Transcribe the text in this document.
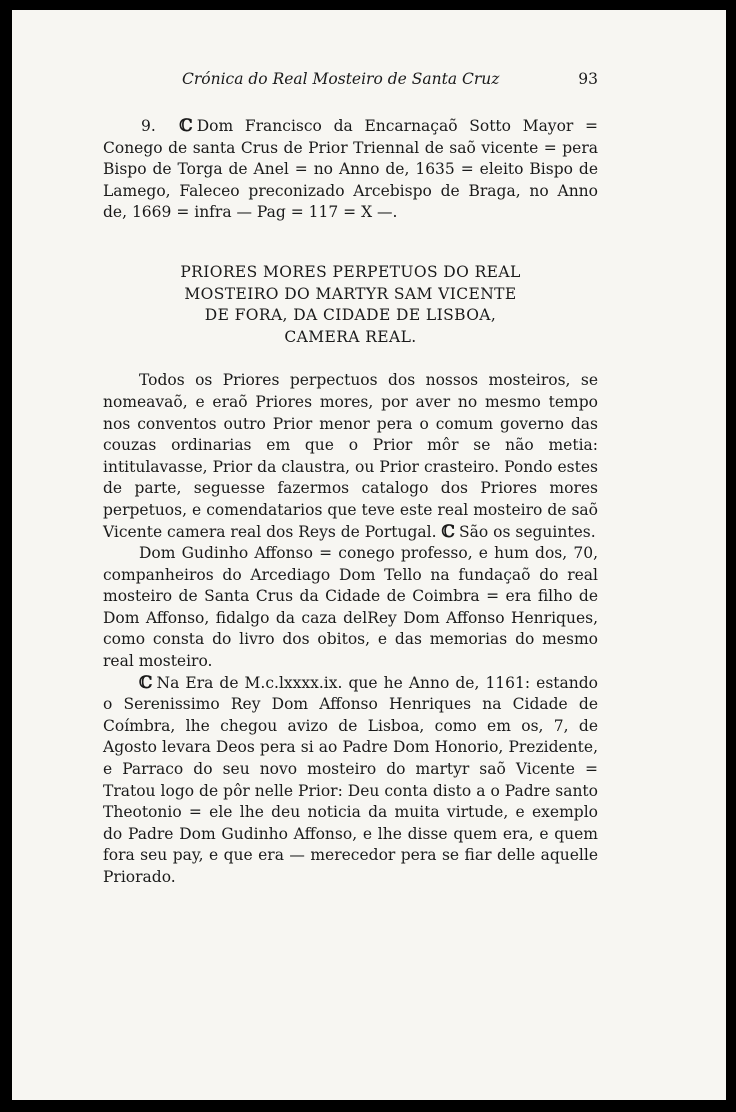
Crónica do Real Mosteiro de Santa Cruz	93

9. ℂ Dom Francisco da Encarnaçaõ Sotto Mayor = Conego de santa Crus de Prior Triennal de saõ vicente = pera Bispo de Torga de Anel = no Anno de, 1635 = eleito Bispo de Lamego, Faleceo preconizado Arcebispo de Braga, no Anno de, 1669 = infra — Pag = 117 = X —.

PRIORES MORES PERPETUOS DO REAL
MOSTEIRO DO MARTYR SAM VICENTE
DE FORA, DA CIDADE DE LISBOA,
CAMERA REAL.

Todos os Priores perpectuos dos nossos mosteiros, se nomeavaõ, e eraõ Priores mores, por aver no mesmo tempo nos conventos outro Prior menor pera o comum governo das couzas ordinarias em que o Prior môr se não metia: intitulavasse, Prior da claustra, ou Prior crasteiro. Pondo estes de parte, seguesse fazermos catalogo dos Priores mores perpetuos, e comendatarios que teve este real mosteiro de saõ Vicente camera real dos Reys de Portugal. ℂ São os seguintes.

Dom Gudinho Affonso = conego professo, e hum dos, 70, companheiros do Arcediago Dom Tello na fundaçaõ do real mosteiro de Santa Crus da Cidade de Coimbra = era filho de Dom Affonso, fidalgo da caza delRey Dom Affonso Henriques, como consta do livro dos obitos, e das memorias do mesmo real mosteiro.

ℂ Na Era de M.c.lxxxx.ix. que he Anno de, 1161: estando o Serenissimo Rey Dom Affonso Henriques na Cidade de Coímbra, lhe chegou avizo de Lisboa, como em os, 7, de Agosto levara Deos pera si ao Padre Dom Honorio, Prezidente, e Parraco do seu novo mosteiro do martyr saõ Vicente = Tratou logo de pôr nelle Prior: Deu conta disto a o Padre santo Theotonio = ele lhe deu noticia da muita virtude, e exemplo do Padre Dom Gudinho Affonso, e lhe disse quem era, e quem fora seu pay, e que era — merecedor pera se fiar delle aquelle Priorado.
